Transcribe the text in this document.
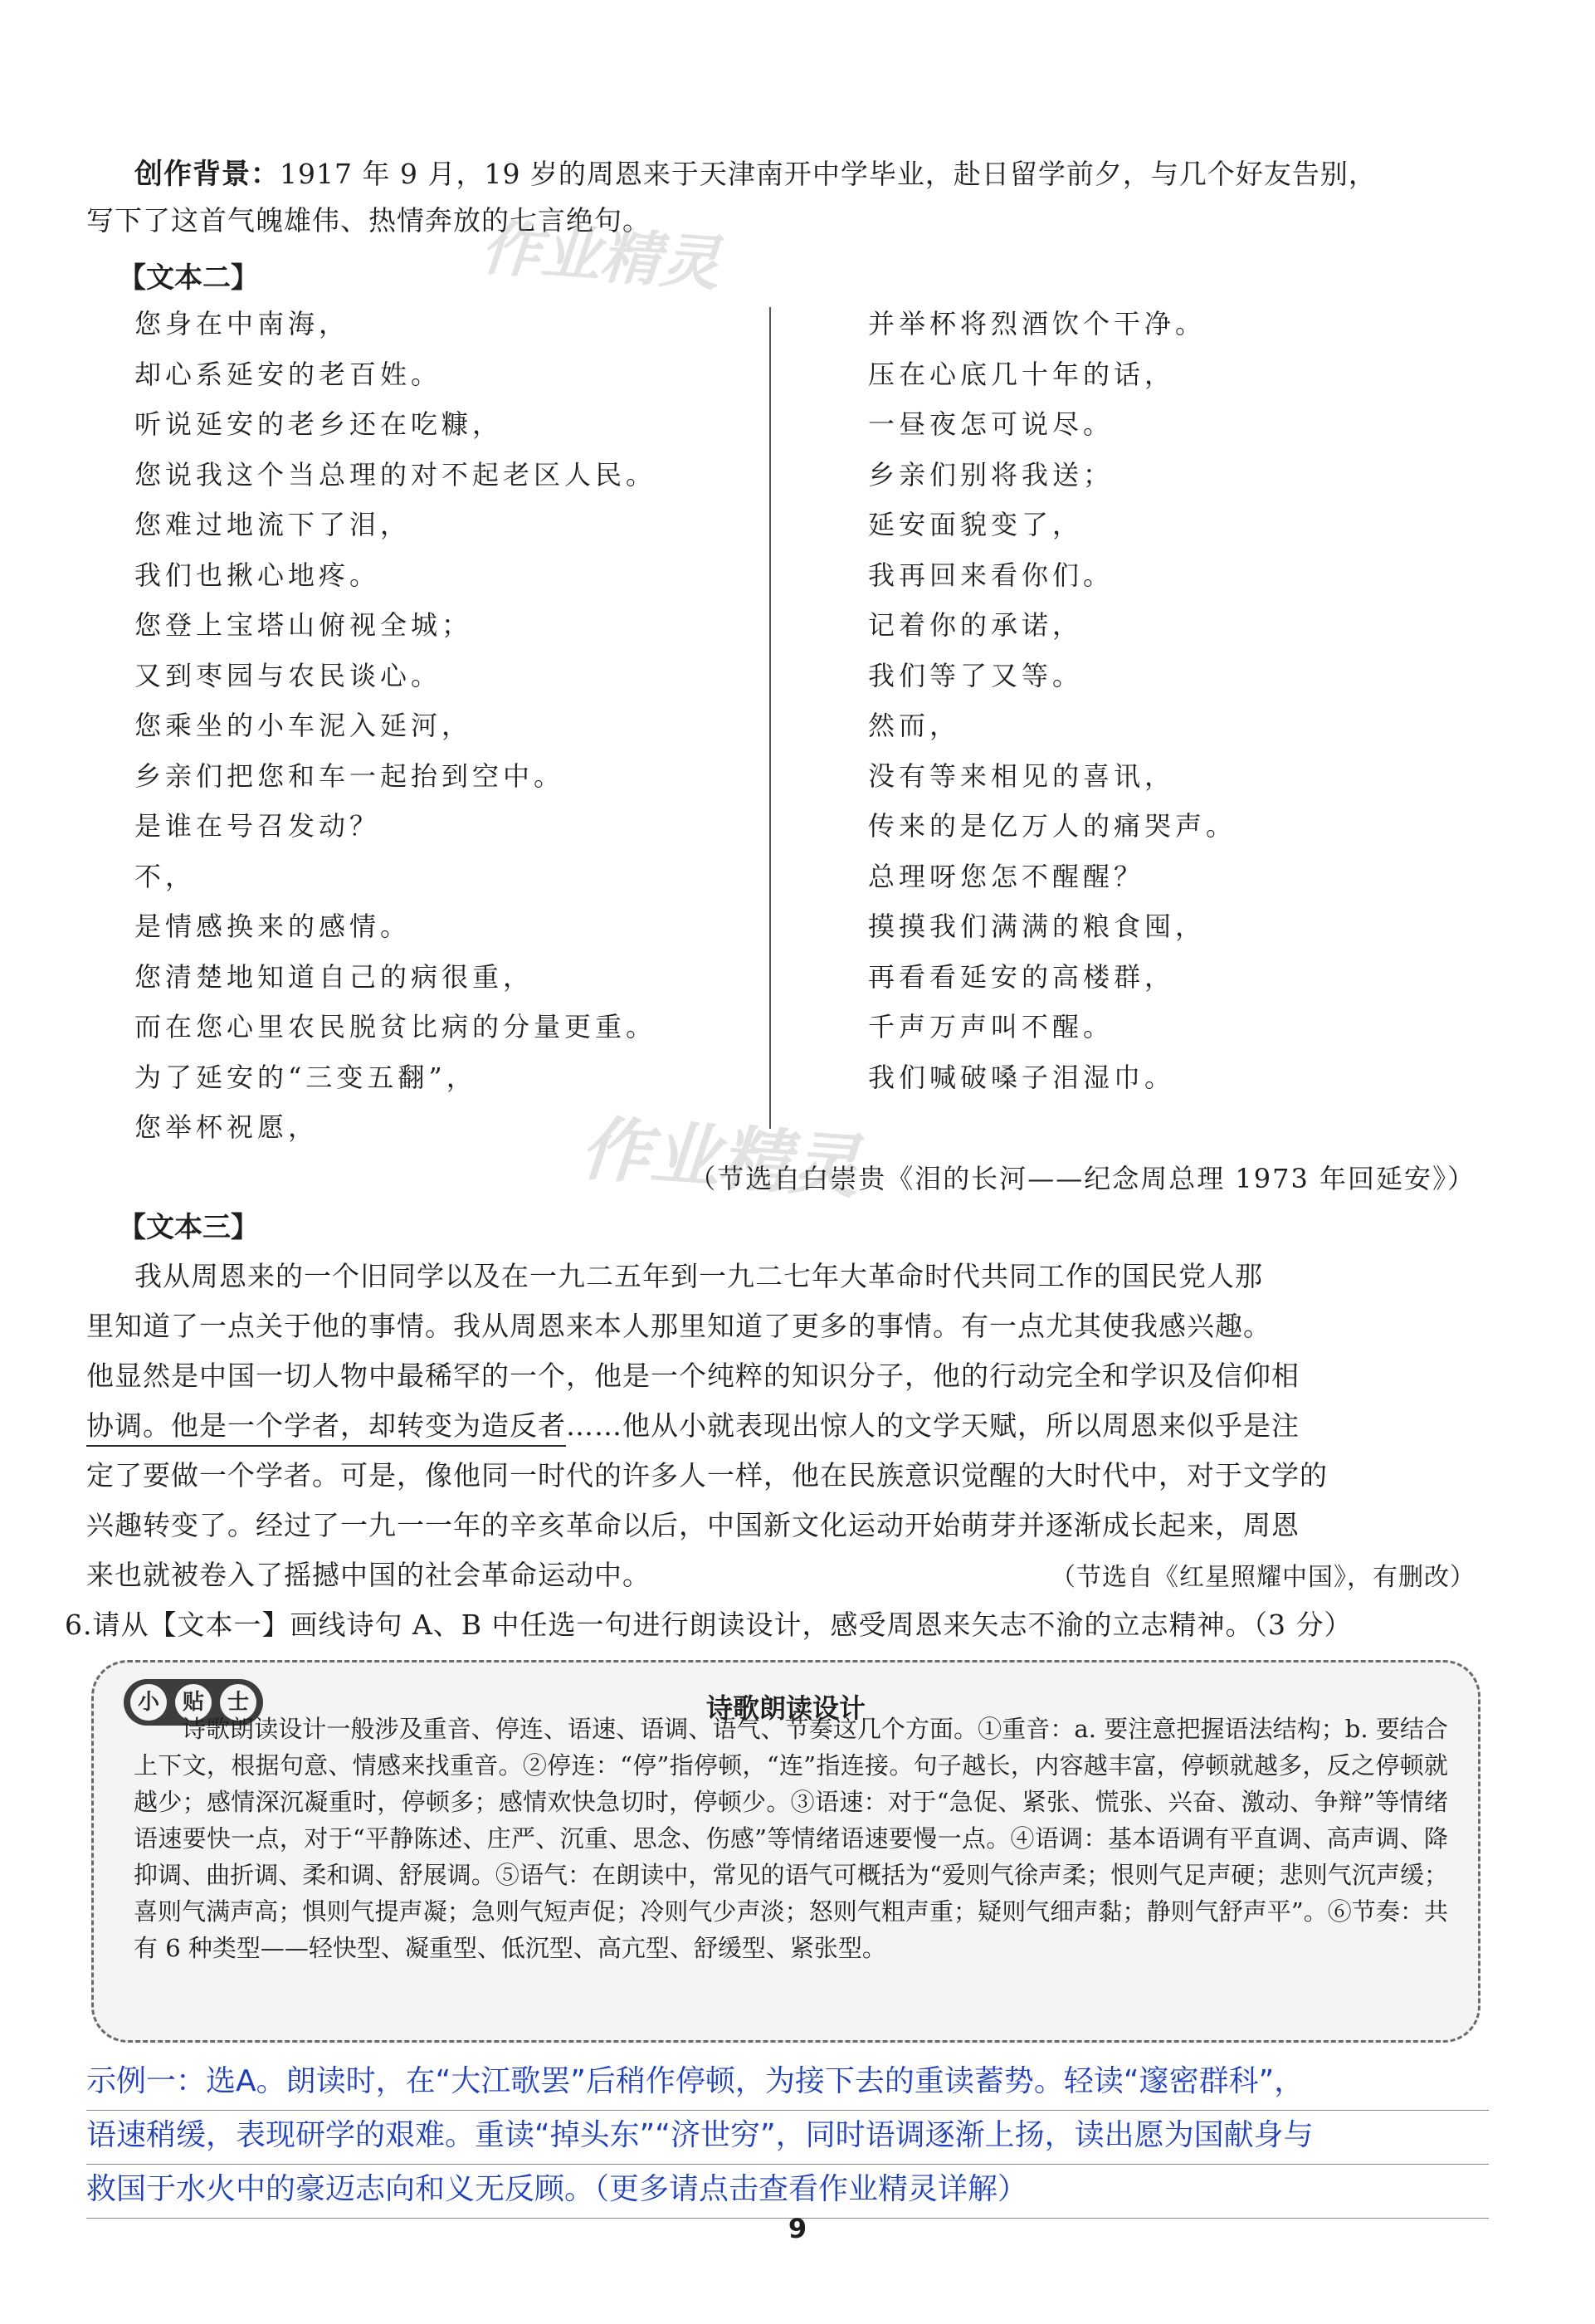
创作背景：1917 年 9 月，19 岁的周恩来于天津南开中学毕业，赴日留学前夕，与几个好友告别，
写下了这首气魄雄伟、热情奔放的七言绝句。
作业精灵
【文本二】
您身在中南海，
却心系延安的老百姓。
听说延安的老乡还在吃糠，
您说我这个当总理的对不起老区人民。
您难过地流下了泪，
我们也揪心地疼。
您登上宝塔山俯视全城；
又到枣园与农民谈心。
您乘坐的小车泥入延河，
乡亲们把您和车一起抬到空中。
是谁在号召发动？
不，
是情感换来的感情。
您清楚地知道自己的病很重，
而在您心里农民脱贫比病的分量更重。
为了延安的“三变五翻”，
您举杯祝愿，
并举杯将烈酒饮个干净。
压在心底几十年的话，
一昼夜怎可说尽。
乡亲们别将我送；
延安面貌变了，
我再回来看你们。
记着你的承诺，
我们等了又等。
然而，
没有等来相见的喜讯，
传来的是亿万人的痛哭声。
总理呀您怎不醒醒？
摸摸我们满满的粮食囤，
再看看延安的高楼群，
千声万声叫不醒。
我们喊破嗓子泪湿巾。
作业精灵
（节选自白崇贵《泪的长河——纪念周总理 1973 年回延安》）
【文本三】
我从周恩来的一个旧同学以及在一九二五年到一九二七年大革命时代共同工作的国民党人那
里知道了一点关于他的事情。我从周恩来本人那里知道了更多的事情。有一点尤其使我感兴趣。
他显然是中国一切人物中最稀罕的一个，他是一个纯粹的知识分子，他的行动完全和学识及信仰相
协调。他是一个学者，却转变为造反者……他从小就表现出惊人的文学天赋，所以周恩来似乎是注
定了要做一个学者。可是，像他同一时代的许多人一样，他在民族意识觉醒的大时代中，对于文学的
兴趣转变了。经过了一九一一年的辛亥革命以后，中国新文化运动开始萌芽并逐渐成长起来，周恩
来也就被卷入了摇撼中国的社会革命运动中。	（节选自《红星照耀中国》，有删改）
6.请从【文本一】画线诗句 A、B 中任选一句进行朗读设计，感受周恩来矢志不渝的立志精神。（3 分）
小	贴	士	诗歌朗读设计
诗歌朗读设计一般涉及重音、停连、语速、语调、语气、节奏这几个方面。①重音：a. 要注意把握语法结构；b. 要结合上下文，根据句意、情感来找重音。②停连：“停”指停顿，“连”指连接。句子越长，内容越丰富，停顿就越多，反之停顿就越少；感情深沉凝重时，停顿多；感情欢快急切时，停顿少。③语速：对于“急促、紧张、慌张、兴奋、激动、争辩”等情绪语速要快一点，对于“平静陈述、庄严、沉重、思念、伤感”等情绪语速要慢一点。④语调：基本语调有平直调、高声调、降抑调、曲折调、柔和调、舒展调。⑤语气：在朗读中，常见的语气可概括为“爱则气徐声柔；恨则气足声硬；悲则气沉声缓；喜则气满声高；惧则气提声凝；急则气短声促；冷则气少声淡；怒则气粗声重；疑则气细声黏；静则气舒声平”。⑥节奏：共有 6 种类型——轻快型、凝重型、低沉型、高亢型、舒缓型、紧张型。
示例一：选A。朗读时，在“大江歌罢”后稍作停顿，为接下去的重读蓄势。轻读“邃密群科”，
语速稍缓，表现研学的艰难。重读“掉头东”“济世穷”，同时语调逐渐上扬，读出愿为国献身与
救国于水火中的豪迈志向和义无反顾。（更多请点击查看作业精灵详解）
9
